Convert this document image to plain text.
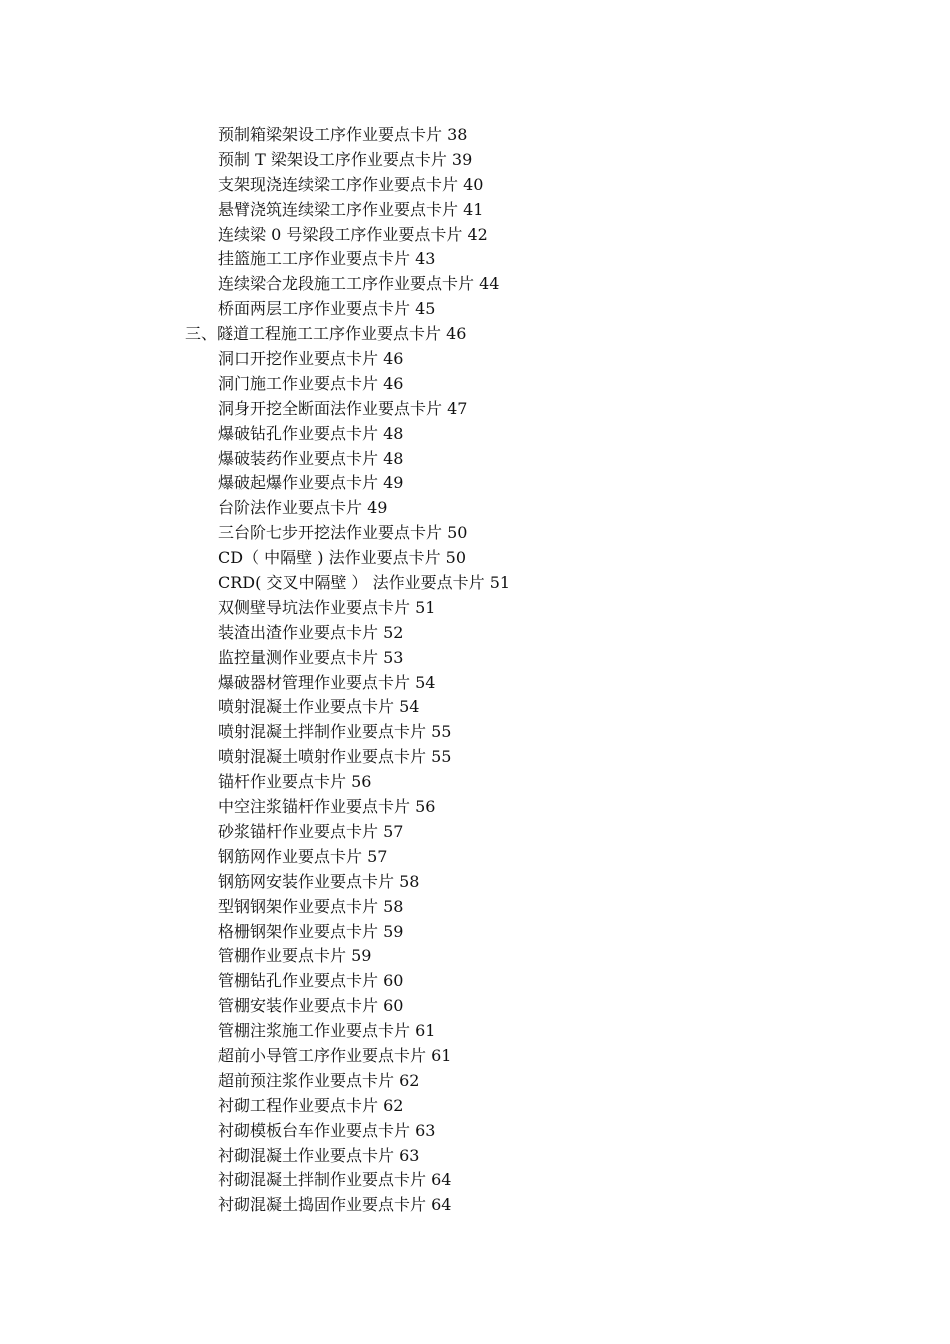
预制箱梁架设工序作业要点卡片 38
预制 T 梁架设工序作业要点卡片 39
支架现浇连续梁工序作业要点卡片 40
悬臂浇筑连续梁工序作业要点卡片 41
连续梁 0 号梁段工序作业要点卡片 42
挂篮施工工序作业要点卡片 43
连续梁合龙段施工工序作业要点卡片 44
桥面两层工序作业要点卡片 45
三、隧道工程施工工序作业要点卡片 46
洞口开挖作业要点卡片 46
洞门施工作业要点卡片 46
洞身开挖全断面法作业要点卡片 47
爆破钻孔作业要点卡片 48
爆破装药作业要点卡片 48
爆破起爆作业要点卡片 49
台阶法作业要点卡片 49
三台阶七步开挖法作业要点卡片 50
CD（ 中隔壁 ) 法作业要点卡片 50
CRD( 交叉中隔壁 ） 法作业要点卡片 51
双侧壁导坑法作业要点卡片 51
装渣出渣作业要点卡片 52
监控量测作业要点卡片 53
爆破器材管理作业要点卡片 54
喷射混凝土作业要点卡片 54
喷射混凝土拌制作业要点卡片 55
喷射混凝土喷射作业要点卡片 55
锚杆作业要点卡片 56
中空注浆锚杆作业要点卡片 56
砂浆锚杆作业要点卡片 57
钢筋网作业要点卡片 57
钢筋网安装作业要点卡片 58
型钢钢架作业要点卡片 58
格栅钢架作业要点卡片 59
管棚作业要点卡片 59
管棚钻孔作业要点卡片 60
管棚安装作业要点卡片 60
管棚注浆施工作业要点卡片 61
超前小导管工序作业要点卡片 61
超前预注浆作业要点卡片 62
衬砌工程作业要点卡片 62
衬砌模板台车作业要点卡片 63
衬砌混凝土作业要点卡片 63
衬砌混凝土拌制作业要点卡片 64
衬砌混凝土捣固作业要点卡片 64
